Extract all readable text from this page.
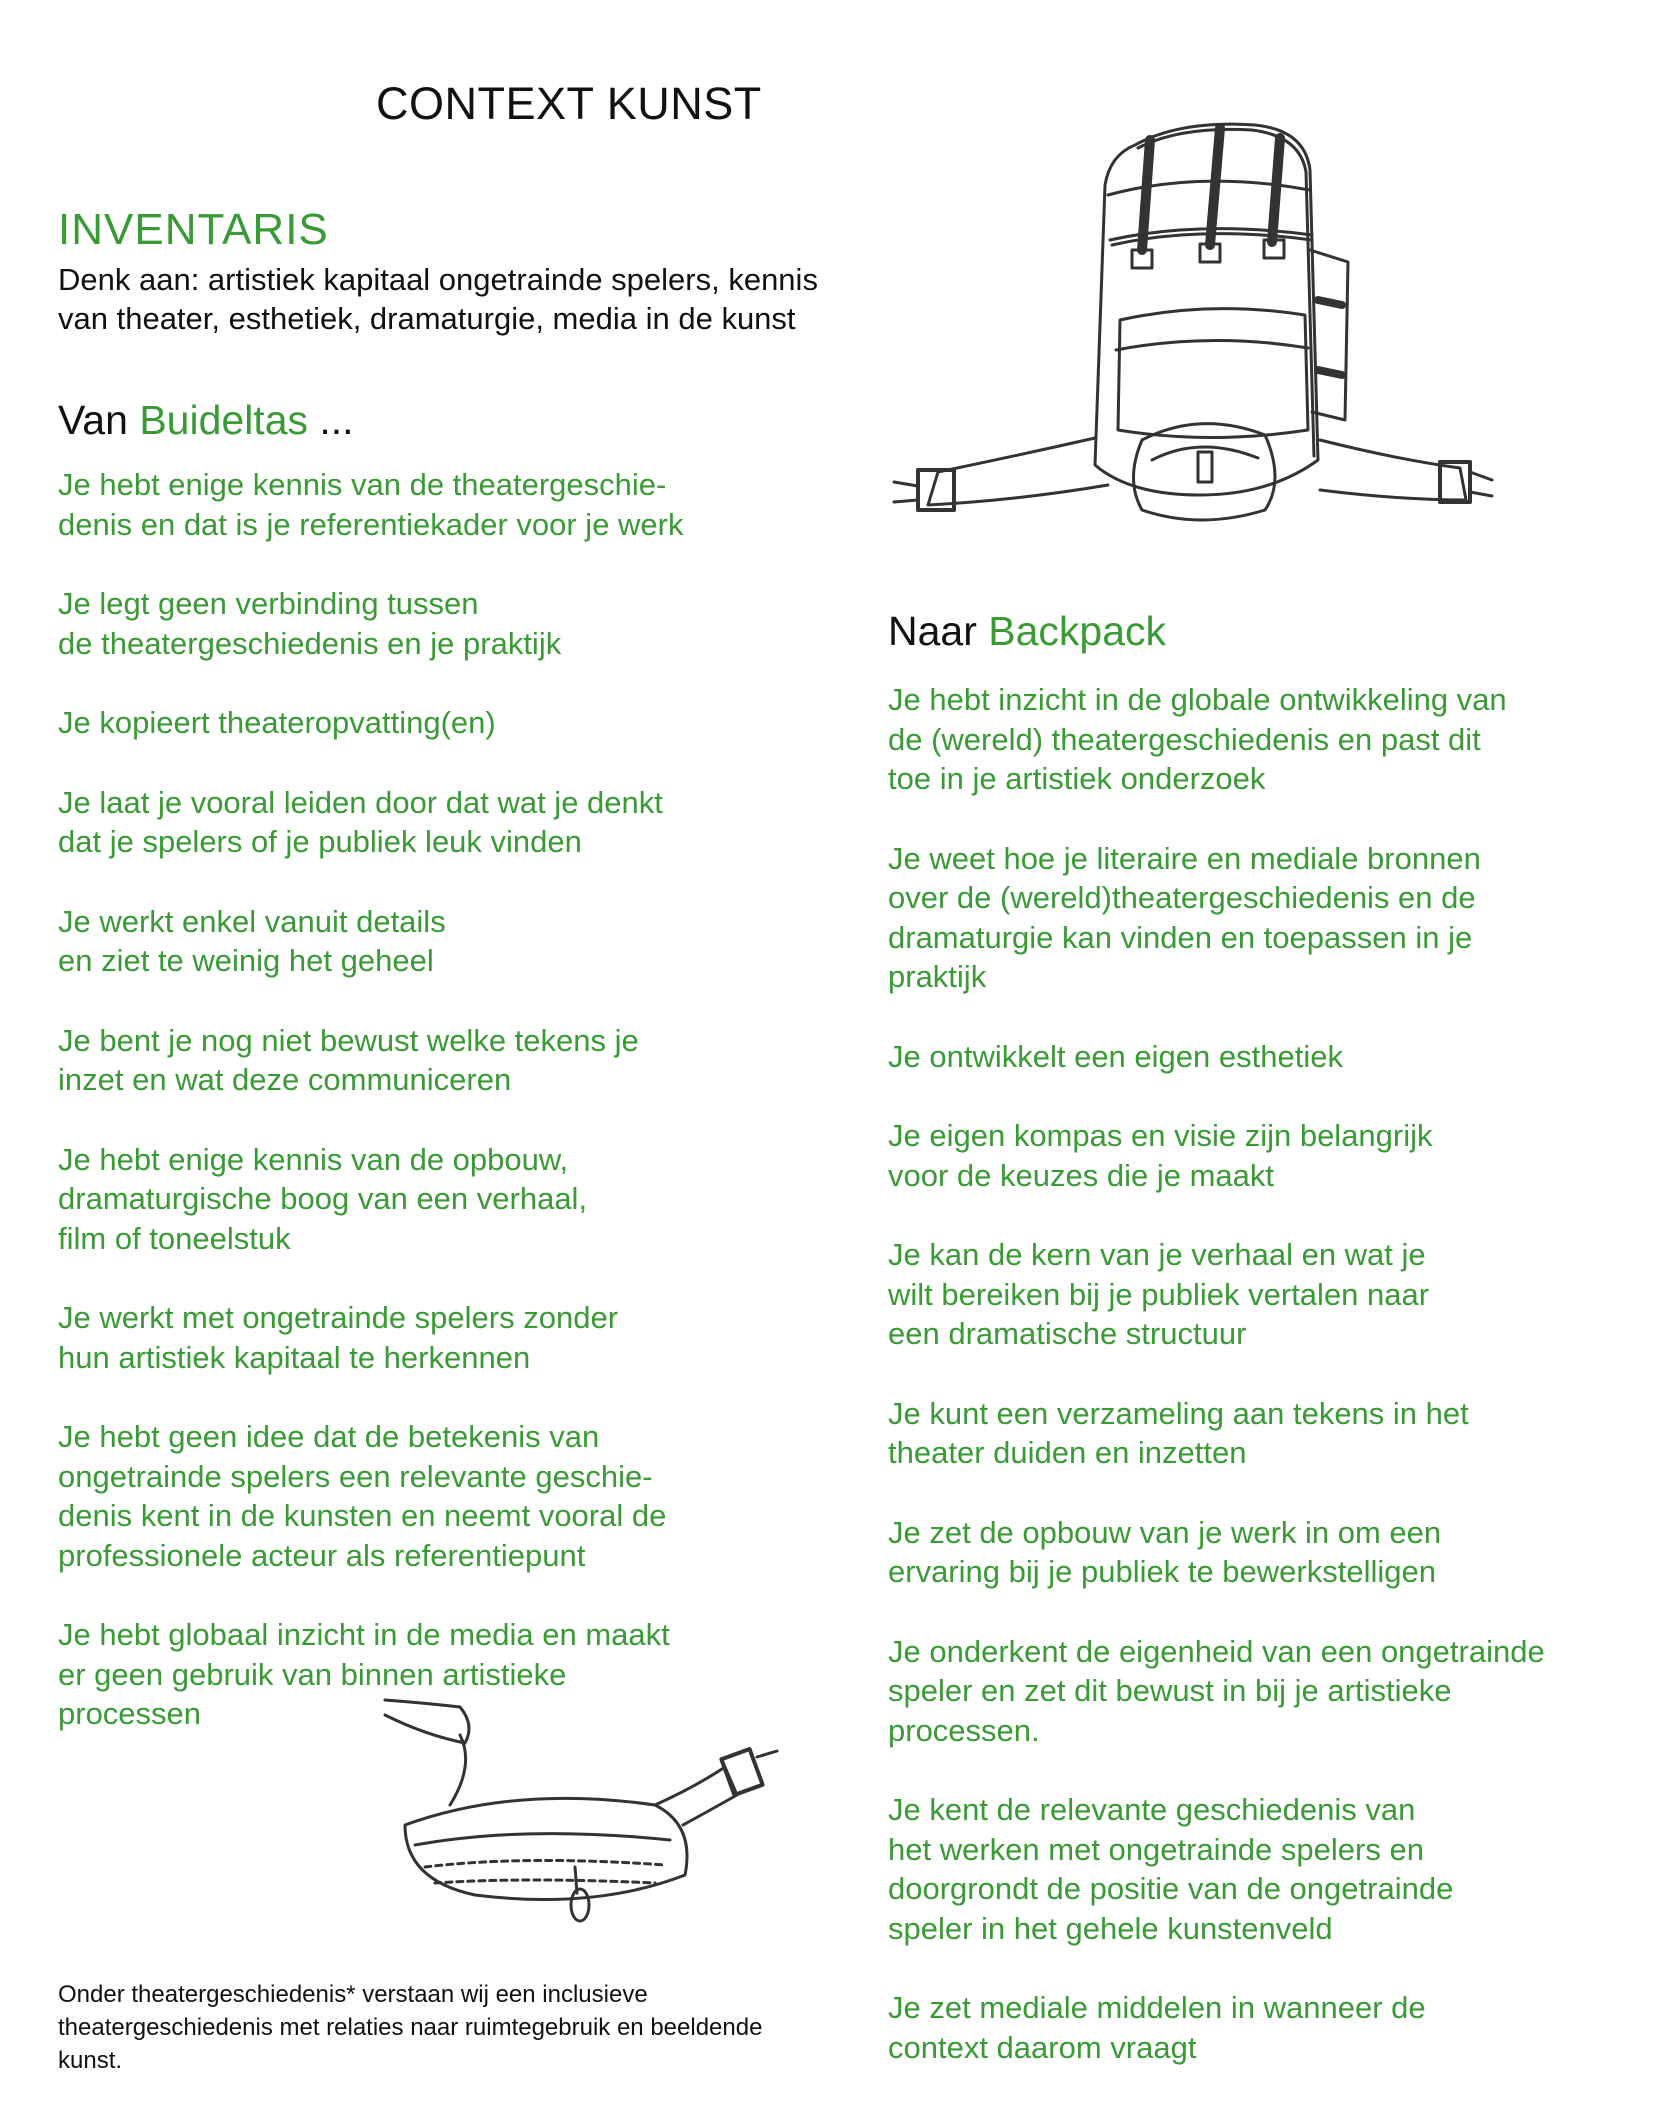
CONTEXT KUNST
INVENTARIS
Denk aan: artistiek kapitaal ongetrainde spelers, kennis van theater, esthetiek, dramaturgie, media in de kunst
Van Buideltas ...
Je hebt enige kennis van de theatergeschie-
denis en dat is je referentiekader voor je werk
Je legt geen verbinding tussen
de theatergeschiedenis en je praktijk
Je kopieert theateropvatting(en)
Je laat je vooral leiden door dat wat je denkt
dat je spelers of je publiek leuk vinden
Je werkt enkel vanuit details
en ziet te weinig het geheel
Je bent je nog niet bewust welke tekens je
inzet en wat deze communiceren
Je hebt enige kennis van de opbouw,
dramaturgische boog van een verhaal,
film of toneelstuk
Je werkt met ongetrainde spelers zonder
hun artistiek kapitaal te herkennen
Je hebt geen idee dat de betekenis van
ongetrainde spelers een relevante geschie-
denis kent in de kunsten en neemt vooral de
professionele acteur als referentiepunt
Je hebt globaal inzicht in de media en maakt
er geen gebruik van binnen artistieke
processen
Naar Backpack
Je hebt inzicht in de globale ontwikkeling van
de (wereld) theatergeschiedenis en past dit
toe in je artistiek onderzoek
Je weet hoe je literaire en mediale bronnen
over de (wereld)theatergeschiedenis en de
dramaturgie kan vinden en toepassen in je
praktijk
Je ontwikkelt een eigen esthetiek
Je eigen kompas en visie zijn belangrijk
voor de keuzes die je maakt
Je kan de kern van je verhaal en wat je
wilt bereiken bij je publiek vertalen naar
een dramatische structuur
Je kunt een verzameling aan tekens in het
theater duiden en inzetten
Je zet de opbouw van je werk in om een
ervaring bij je publiek te bewerkstelligen
Je onderkent de eigenheid van een ongetrainde
speler en zet dit bewust in bij je artistieke
processen.
Je kent de relevante geschiedenis van
het werken met ongetrainde spelers en
doorgrondt de positie van de ongetrainde
speler in het gehele kunstenveld
Je zet mediale middelen in wanneer de
context daarom vraagt
Onder theatergeschiedenis* verstaan wij een inclusieve theatergeschiedenis met relaties naar ruimtegebruik en beeldende kunst.
